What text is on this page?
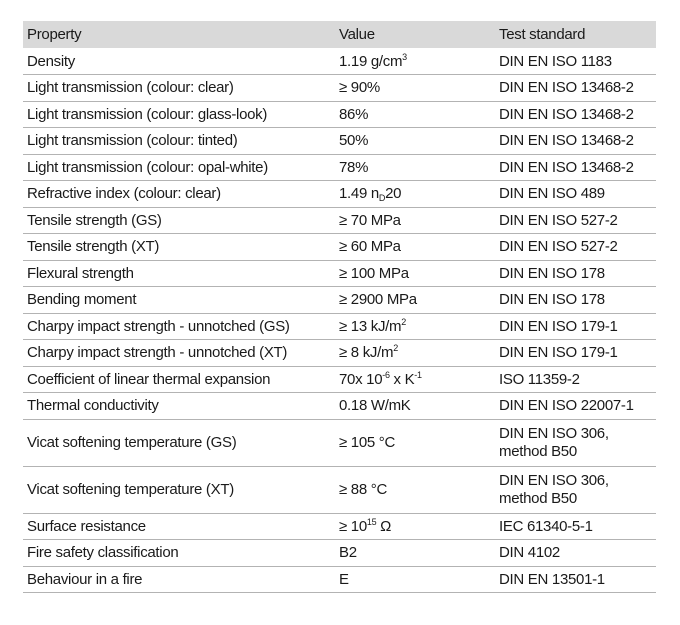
Property	Value	Test standard
Density	1.19 $g/cm^3$	DIN EN ISO 1183
Light transmission (colour: clear)	≥ 90%	DIN EN ISO 13468-2
Light transmission (colour: glass-look)	86%	DIN EN ISO 13468-2
Light transmission (colour: tinted)	50%	DIN EN ISO 13468-2
Light transmission (colour: opal-white)	78%	DIN EN ISO 13468-2
Refractive index (colour: clear)	1.49 $n_D20$	DIN EN ISO 489
Tensile strength (GS)	≥ 70 MPa	DIN EN ISO 527-2
Tensile strength (XT)	≥ 60 MPa	DIN EN ISO 527-2
Flexural strength	≥ 100 MPa	DIN EN ISO 178
Bending moment	≥ 2900 MPa	DIN EN ISO 178
Charpy impact strength - unnotched (GS)	≥ 13 $kJ/m^2$	DIN EN ISO 179-1
Charpy impact strength - unnotched (XT)	≥ 8 $kJ/m^2$	DIN EN ISO 179-1
Coefficient of linear thermal expansion	70x $10^{-6}$ x $K^{-1}$	ISO 11359-2
Thermal conductivity	0.18 W/mK	DIN EN ISO 22007-1
Vicat softening temperature (GS)	≥ 105 °C	DIN EN ISO 306,
method B50
Vicat softening temperature (XT)	≥ 88 °C	DIN EN ISO 306,
method B50
Surface resistance	≥ $10^{15}$ Ω	IEC 61340-5-1
Fire safety classification	B2	DIN 4102
Behaviour in a fire	E	DIN EN 13501-1
